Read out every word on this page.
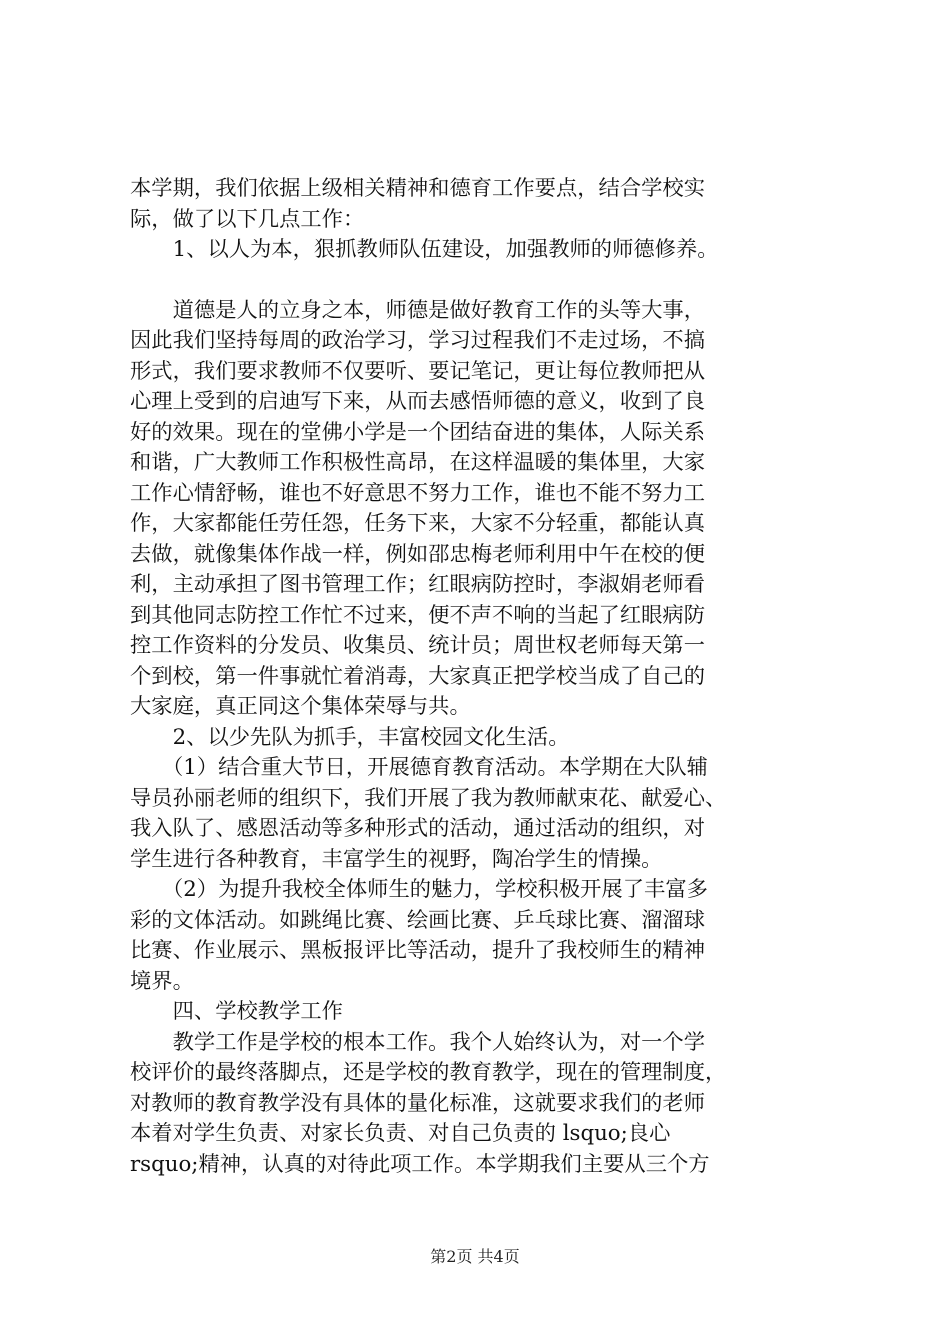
本学期，我们依据上级相关精神和德育工作要点，结合学校实
际，做了以下几点工作：
　　1、以人为本，狠抓教师队伍建设，加强教师的师德修养。
　　道德是人的立身之本，师德是做好教育工作的头等大事，
因此我们坚持每周的政治学习，学习过程我们不走过场，不搞
形式，我们要求教师不仅要听、要记笔记，更让每位教师把从
心理上受到的启迪写下来，从而去感悟师德的意义，收到了良
好的效果。现在的堂佛小学是一个团结奋进的集体，人际关系
和谐，广大教师工作积极性高昂，在这样温暖的集体里，大家
工作心情舒畅，谁也不好意思不努力工作，谁也不能不努力工
作，大家都能任劳任怨，任务下来，大家不分轻重，都能认真
去做，就像集体作战一样，例如邵忠梅老师利用中午在校的便
利，主动承担了图书管理工作；红眼病防控时，李淑娟老师看
到其他同志防控工作忙不过来，便不声不响的当起了红眼病防
控工作资料的分发员、收集员、统计员；周世权老师每天第一
个到校，第一件事就忙着消毒，大家真正把学校当成了自己的
大家庭，真正同这个集体荣辱与共。
　　2、以少先队为抓手，丰富校园文化生活。
　　（1）结合重大节日，开展德育教育活动。本学期在大队辅
导员孙丽老师的组织下，我们开展了我为教师献束花、献爱心、
我入队了、感恩活动等多种形式的活动，通过活动的组织，对
学生进行各种教育，丰富学生的视野，陶冶学生的情操。
　　（2）为提升我校全体师生的魅力，学校积极开展了丰富多
彩的文体活动。如跳绳比赛、绘画比赛、乒乓球比赛、溜溜球
比赛、作业展示、黑板报评比等活动，提升了我校师生的精神
境界。
　　四、学校教学工作
　　教学工作是学校的根本工作。我个人始终认为，对一个学
校评价的最终落脚点，还是学校的教育教学，现在的管理制度，
对教师的教育教学没有具体的量化标准，这就要求我们的老师
本着对学生负责、对家长负责、对自己负责的 lsquo;良心
rsquo;精神，认真的对待此项工作。本学期我们主要从三个方
第2页 共4页
